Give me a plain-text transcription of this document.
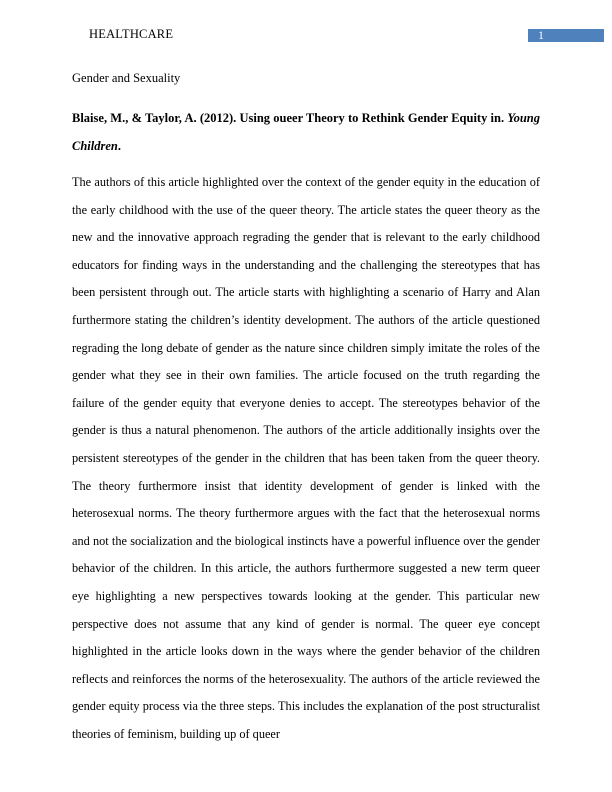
HEALTHCARE	1
Gender and Sexuality
Blaise, M., & Taylor, A. (2012). Using oueer Theory to Rethink Gender Equity in. Young Children.

The authors of this article highlighted over the context of the gender equity in the education of the early childhood with the use of the queer theory. The article states the queer theory as the new and the innovative approach regrading the gender that is relevant to the early childhood educators for finding ways in the understanding and the challenging the stereotypes that has been persistent through out. The article starts with highlighting a scenario of Harry and Alan furthermore stating the children’s identity development. The authors of the article questioned regrading the long debate of gender as the nature since children simply imitate the roles of the gender what they see in their own families. The article focused on the truth regarding the failure of the gender equity that everyone denies to accept. The stereotypes behavior of the gender is thus a natural phenomenon. The authors of the article additionally insights over the persistent stereotypes of the gender in the children that has been taken from the queer theory. The theory furthermore insist that identity development of gender is linked with the heterosexual norms. The theory furthermore argues with the fact that the heterosexual norms and not the socialization and the biological instincts have a powerful influence over the gender behavior of the children. In this article, the authors furthermore suggested a new term queer eye highlighting a new perspectives towards looking at the gender. This particular new perspective does not assume that any kind of gender is normal. The queer eye concept highlighted in the article looks down in the ways where the gender behavior of the children reflects and reinforces the norms of the heterosexuality. The authors of the article reviewed the gender equity process via the three steps. This includes the explanation of the post structuralist theories of feminism, building up of queer
